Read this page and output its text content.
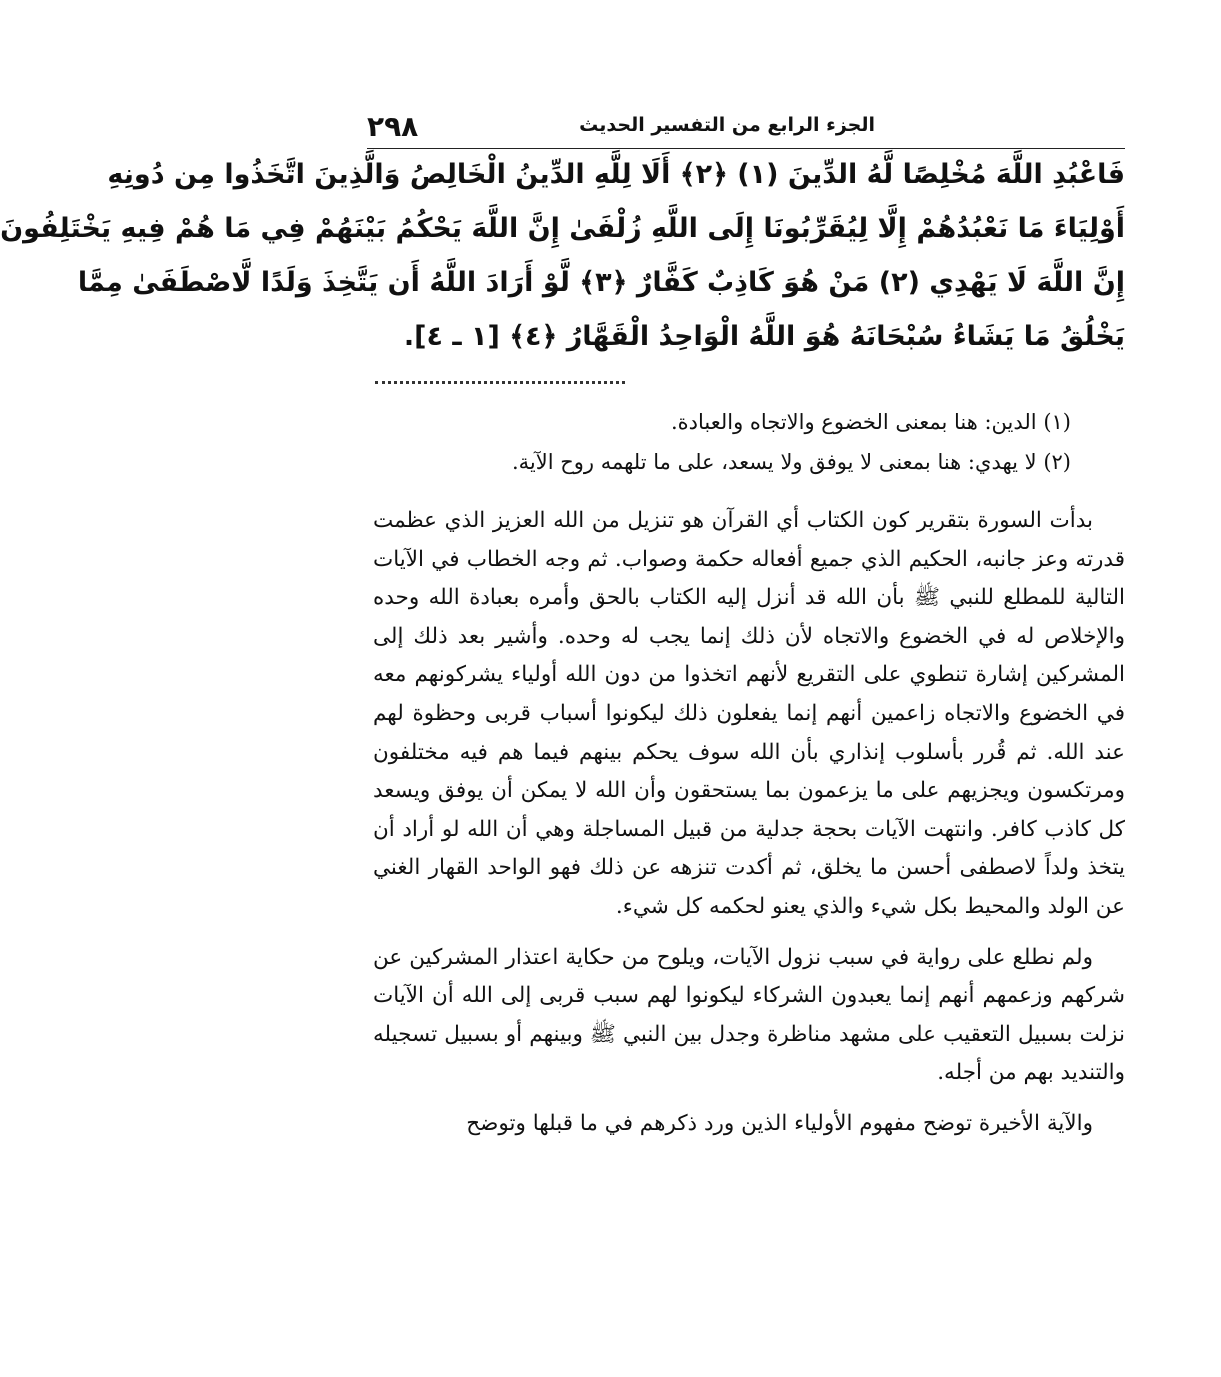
٢٩٨	الجزء الرابع من التفسير الحديث
فَاعْبُدِ اللَّهَ مُخْلِصًا لَّهُ الدِّينَ (١) ﴿٢﴾ أَلَا لِلَّهِ الدِّينُ الْخَالِصُ وَالَّذِينَ اتَّخَذُوا مِن دُونِهِ
أَوْلِيَاءَ مَا نَعْبُدُهُمْ إِلَّا لِيُقَرِّبُونَا إِلَى اللَّهِ زُلْفَىٰ إِنَّ اللَّهَ يَحْكُمُ بَيْنَهُمْ فِي مَا هُمْ فِيهِ يَخْتَلِفُونَ
إِنَّ اللَّهَ لَا يَهْدِي (٢) مَنْ هُوَ كَاذِبٌ كَفَّارٌ ﴿٣﴾ لَّوْ أَرَادَ اللَّهُ أَن يَتَّخِذَ وَلَدًا لَّاصْطَفَىٰ مِمَّا
يَخْلُقُ مَا يَشَاءُ سُبْحَانَهُ هُوَ اللَّهُ الْوَاحِدُ الْقَهَّارُ ﴿٤﴾ [١ ـ ٤].
(١) الدين: هنا بمعنى الخضوع والاتجاه والعبادة.
(٢) لا يهدي: هنا بمعنى لا يوفق ولا يسعد، على ما تلهمه روح الآية.

بدأت السورة بتقرير كون الكتاب أي القرآن هو تنزيل من الله العزيز الذي عظمت قدرته وعز جانبه، الحكيم الذي جميع أفعاله حكمة وصواب. ثم وجه الخطاب في الآيات التالية للمطلع للنبي ﷺ بأن الله قد أنزل إليه الكتاب بالحق وأمره بعبادة الله وحده والإخلاص له في الخضوع والاتجاه لأن ذلك إنما يجب له وحده. وأشير بعد ذلك إلى المشركين إشارة تنطوي على التقريع لأنهم اتخذوا من دون الله أولياء يشركونهم معه في الخضوع والاتجاه زاعمين أنهم إنما يفعلون ذلك ليكونوا أسباب قربى وحظوة لهم عند الله. ثم قُرر بأسلوب إنذاري بأن الله سوف يحكم بينهم فيما هم فيه مختلفون ومرتكسون ويجزيهم على ما يزعمون بما يستحقون وأن الله لا يمكن أن يوفق ويسعد كل كاذب كافر. وانتهت الآيات بحجة جدلية من قبيل المساجلة وهي أن الله لو أراد أن يتخذ ولداً لاصطفى أحسن ما يخلق، ثم أكدت تنزهه عن ذلك فهو الواحد القهار الغني عن الولد والمحيط بكل شيء والذي يعنو لحكمه كل شيء.

ولم نطلع على رواية في سبب نزول الآيات، ويلوح من حكاية اعتذار المشركين عن شركهم وزعمهم أنهم إنما يعبدون الشركاء ليكونوا لهم سبب قربى إلى الله أن الآيات نزلت بسبيل التعقيب على مشهد مناظرة وجدل بين النبي ﷺ وبينهم أو بسبيل تسجيله والتنديد بهم من أجله.

والآية الأخيرة توضح مفهوم الأولياء الذين ورد ذكرهم في ما قبلها وتوضح
